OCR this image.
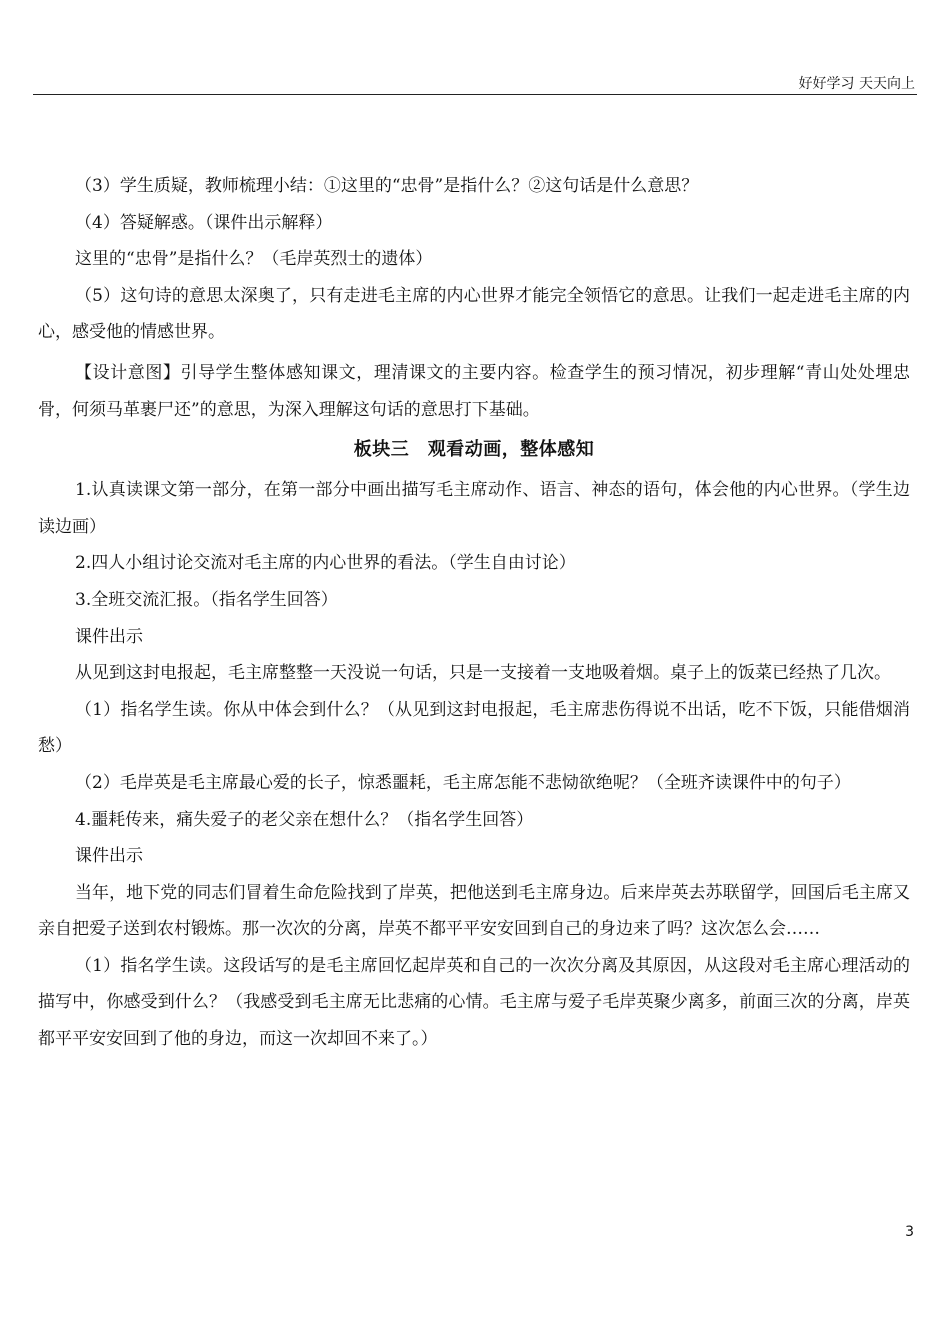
好好学习 天天向上

（3）学生质疑，教师梳理小结：①这里的“忠骨”是指什么？②这句话是什么意思？

（4）答疑解惑。（课件出示解释）

这里的“忠骨”是指什么？（毛岸英烈士的遗体）

（5）这句诗的意思太深奥了，只有走进毛主席的内心世界才能完全领悟它的意思。让我们一起走进毛主席的内心，感受他的情感世界。

【设计意图】引导学生整体感知课文，理清课文的主要内容。检查学生的预习情况，初步理解“青山处处埋忠骨，何须马革裹尸还”的意思，为深入理解这句话的意思打下基础。

板块三　观看动画，整体感知

1.认真读课文第一部分，在第一部分中画出描写毛主席动作、语言、神态的语句，体会他的内心世界。（学生边读边画）

2.四人小组讨论交流对毛主席的内心世界的看法。（学生自由讨论）

3.全班交流汇报。（指名学生回答）

课件出示

从见到这封电报起，毛主席整整一天没说一句话，只是一支接着一支地吸着烟。桌子上的饭菜已经热了几次。

（1）指名学生读。你从中体会到什么？（从见到这封电报起，毛主席悲伤得说不出话，吃不下饭，只能借烟消愁）

（2）毛岸英是毛主席最心爱的长子，惊悉噩耗，毛主席怎能不悲恸欲绝呢？（全班齐读课件中的句子）

4.噩耗传来，痛失爱子的老父亲在想什么？（指名学生回答）

课件出示

当年，地下党的同志们冒着生命危险找到了岸英，把他送到毛主席身边。后来岸英去苏联留学，回国后毛主席又亲自把爱子送到农村锻炼。那一次次的分离，岸英不都平平安安回到自己的身边来了吗？这次怎么会……

（1）指名学生读。这段话写的是毛主席回忆起岸英和自己的一次次分离及其原因，从这段对毛主席心理活动的描写中，你感受到什么？（我感受到毛主席无比悲痛的心情。毛主席与爱子毛岸英聚少离多，前面三次的分离，岸英都平平安安回到了他的身边，而这一次却回不来了。）

3
